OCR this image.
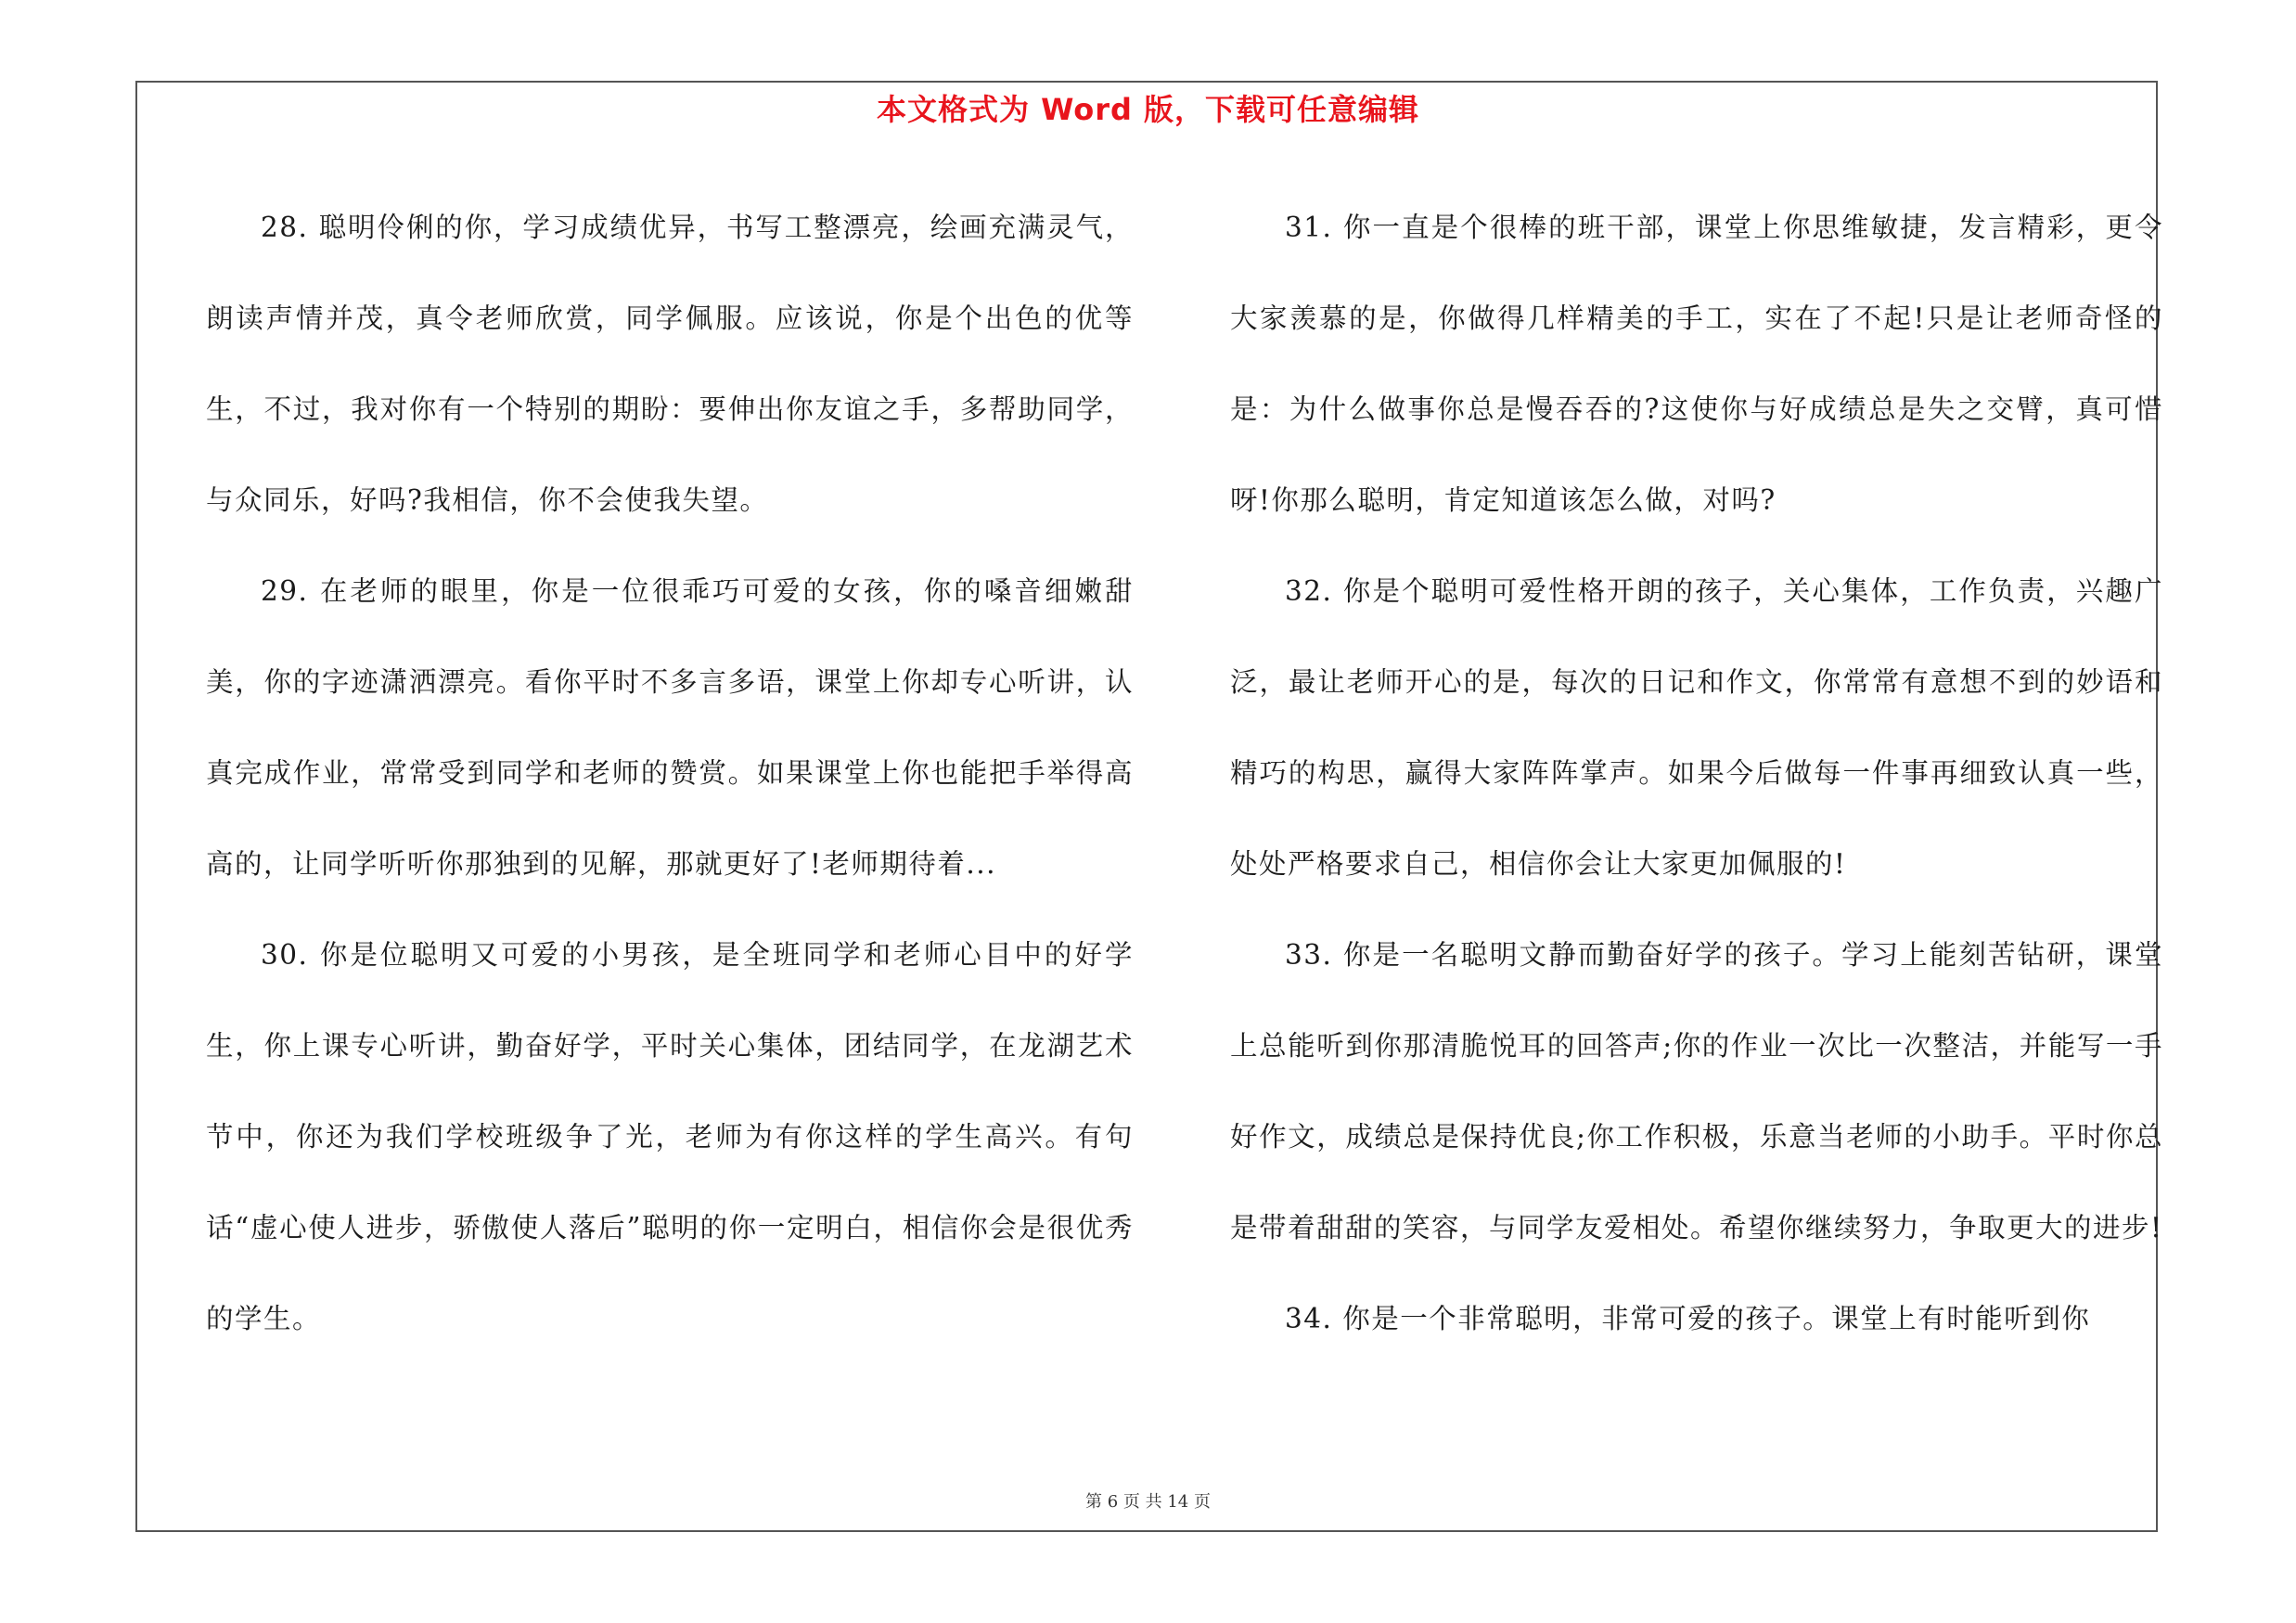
本文格式为 Word 版，下载可任意编辑

28. 聪明伶俐的你，学习成绩优异，书写工整漂亮，绘画充满灵气，朗读声情并茂，真令老师欣赏，同学佩服。应该说，你是个出色的优等生，不过，我对你有一个特别的期盼：要伸出你友谊之手，多帮助同学，与众同乐，好吗?我相信，你不会使我失望。

29. 在老师的眼里，你是一位很乖巧可爱的女孩，你的嗓音细嫩甜美，你的字迹潇洒漂亮。看你平时不多言多语，课堂上你却专心听讲，认真完成作业，常常受到同学和老师的赞赏。如果课堂上你也能把手举得高高的，让同学听听你那独到的见解，那就更好了!老师期待着...

30. 你是位聪明又可爱的小男孩，是全班同学和老师心目中的好学生，你上课专心听讲，勤奋好学，平时关心集体，团结同学，在龙湖艺术节中，你还为我们学校班级争了光，老师为有你这样的学生高兴。有句话“虚心使人进步，骄傲使人落后”聪明的你一定明白，相信你会是很优秀的学生。

31. 你一直是个很棒的班干部，课堂上你思维敏捷，发言精彩，更令大家羡慕的是，你做得几样精美的手工，实在了不起!只是让老师奇怪的是：为什么做事你总是慢吞吞的?这使你与好成绩总是失之交臂，真可惜呀!你那么聪明，肯定知道该怎么做，对吗?

32. 你是个聪明可爱性格开朗的孩子，关心集体，工作负责，兴趣广泛，最让老师开心的是，每次的日记和作文，你常常有意想不到的妙语和精巧的构思，赢得大家阵阵掌声。如果今后做每一件事再细致认真一些，处处严格要求自己，相信你会让大家更加佩服的!

33. 你是一名聪明文静而勤奋好学的孩子。学习上能刻苦钻研，课堂上总能听到你那清脆悦耳的回答声;你的作业一次比一次整洁，并能写一手好作文，成绩总是保持优良;你工作积极，乐意当老师的小助手。平时你总是带着甜甜的笑容，与同学友爱相处。希望你继续努力，争取更大的进步!

34. 你是一个非常聪明，非常可爱的孩子。课堂上有时能听到你

第 6 页 共 14 页
